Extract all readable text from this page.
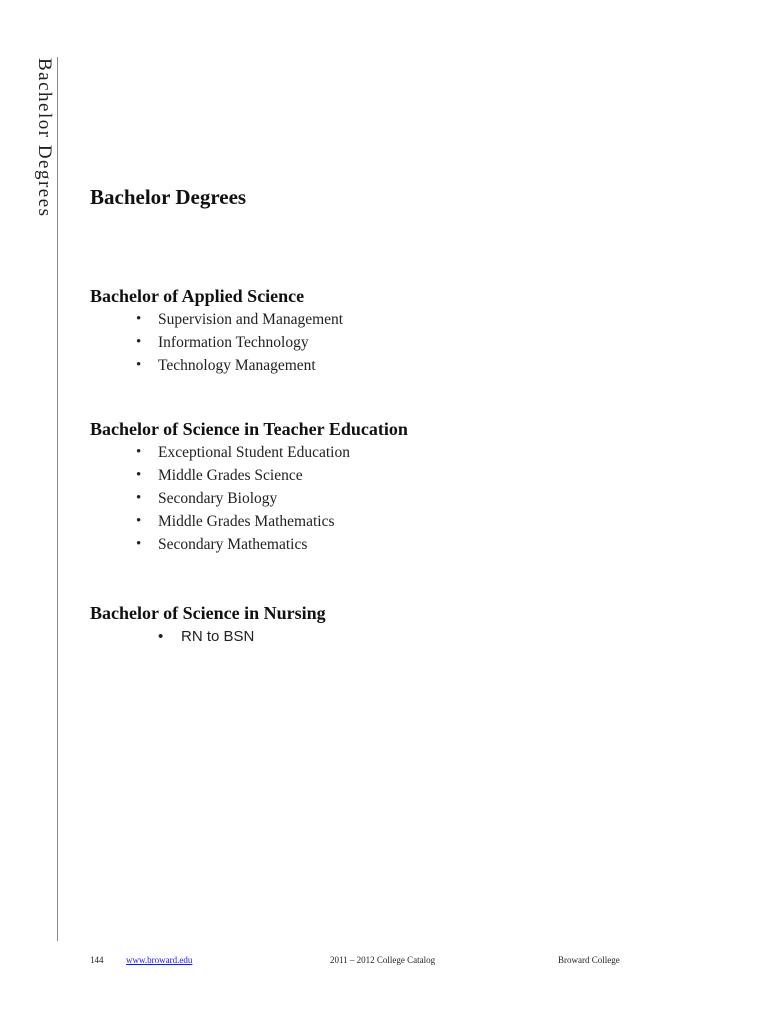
Bachelor Degrees Bachelor Degrees
Bachelor of Applied Science
• Supervision and Management
• Information Technology
• Technology Management
Bachelor of Science in Teacher Education
• Exceptional Student Education
• Middle Grades Science
• Secondary Biology
• Middle Grades Mathematics
• Secondary Mathematics
Bachelor of Science in Nursing
• RN to BSN
144	www.broward.edu	2011 – 2012 College Catalog	Broward College
